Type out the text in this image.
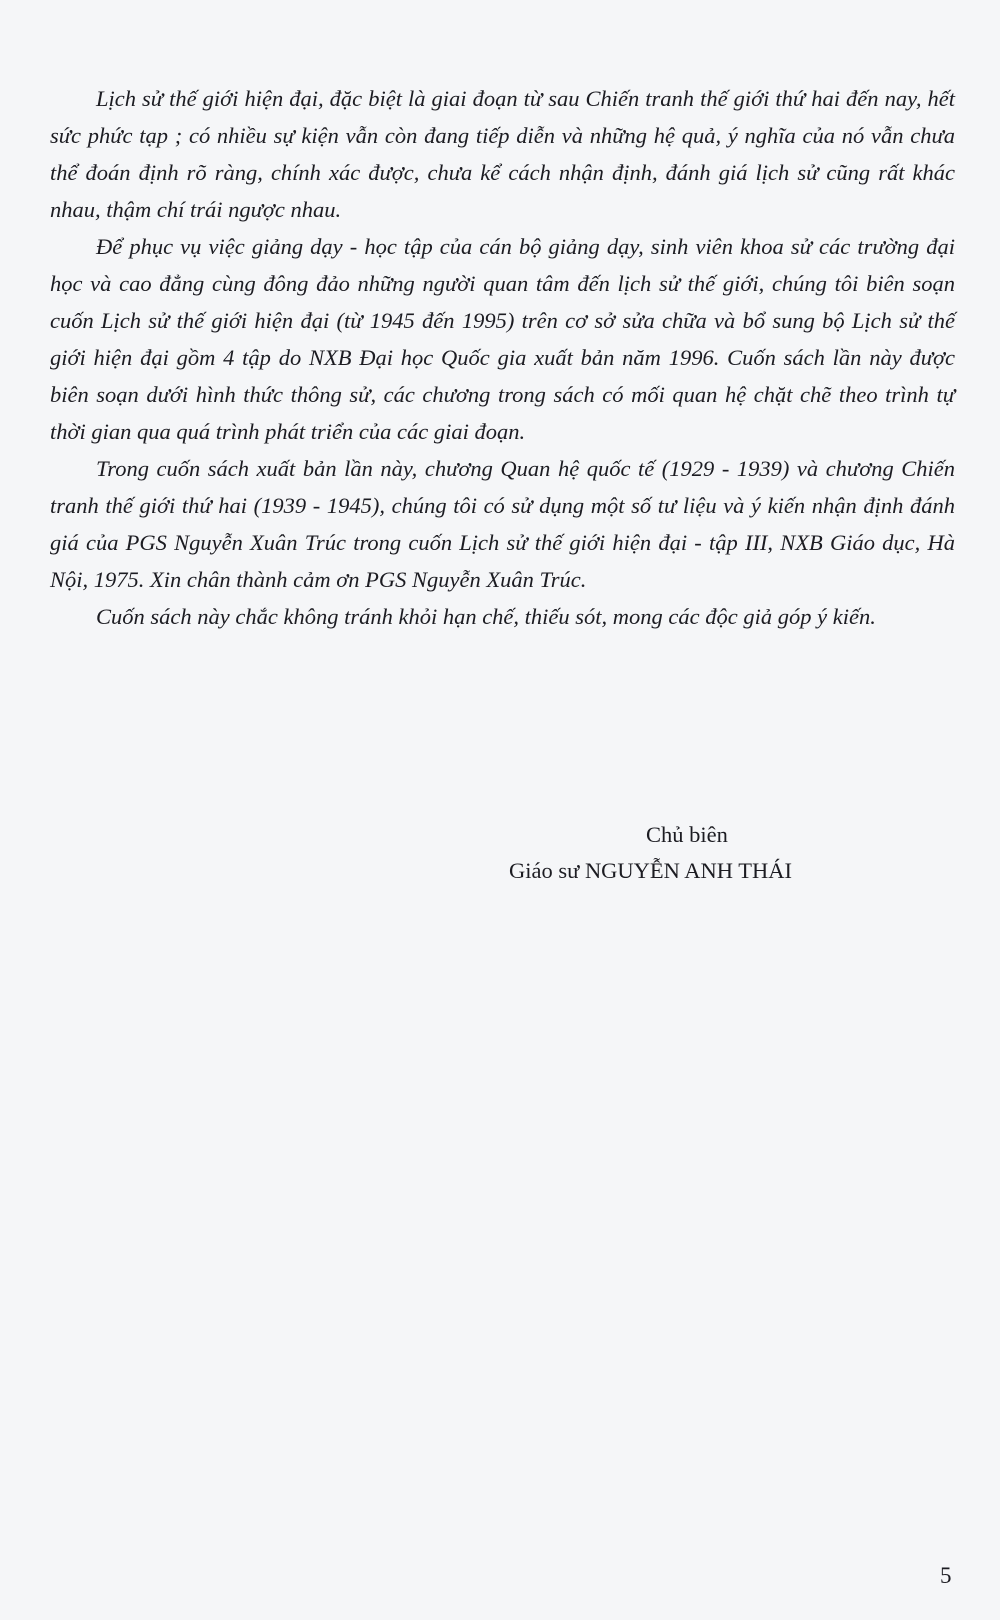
Lịch sử thế giới hiện đại, đặc biệt là giai đoạn từ sau Chiến tranh thế giới thứ hai đến nay, hết sức phức tạp ; có nhiều sự kiện vẫn còn đang tiếp diễn và những hệ quả, ý nghĩa của nó vẫn chưa thể đoán định rõ ràng, chính xác được, chưa kể cách nhận định, đánh giá lịch sử cũng rất khác nhau, thậm chí trái ngược nhau.

Để phục vụ việc giảng dạy - học tập của cán bộ giảng dạy, sinh viên khoa sử các trường đại học và cao đẳng cùng đông đảo những người quan tâm đến lịch sử thế giới, chúng tôi biên soạn cuốn Lịch sử thế giới hiện đại (từ 1945 đến 1995) trên cơ sở sửa chữa và bổ sung bộ Lịch sử thế giới hiện đại gồm 4 tập do NXB Đại học Quốc gia xuất bản năm 1996. Cuốn sách lần này được biên soạn dưới hình thức thông sử, các chương trong sách có mối quan hệ chặt chẽ theo trình tự thời gian qua quá trình phát triển của các giai đoạn.

Trong cuốn sách xuất bản lần này, chương Quan hệ quốc tế (1929 - 1939) và chương Chiến tranh thế giới thứ hai (1939 - 1945), chúng tôi có sử dụng một số tư liệu và ý kiến nhận định đánh giá của PGS Nguyễn Xuân Trúc trong cuốn Lịch sử thế giới hiện đại - tập III, NXB Giáo dục, Hà Nội, 1975. Xin chân thành cảm ơn PGS Nguyễn Xuân Trúc.

Cuốn sách này chắc không tránh khỏi hạn chế, thiếu sót, mong các độc giả góp ý kiến.

Chủ biên
Giáo sư NGUYỄN ANH THÁI
5
